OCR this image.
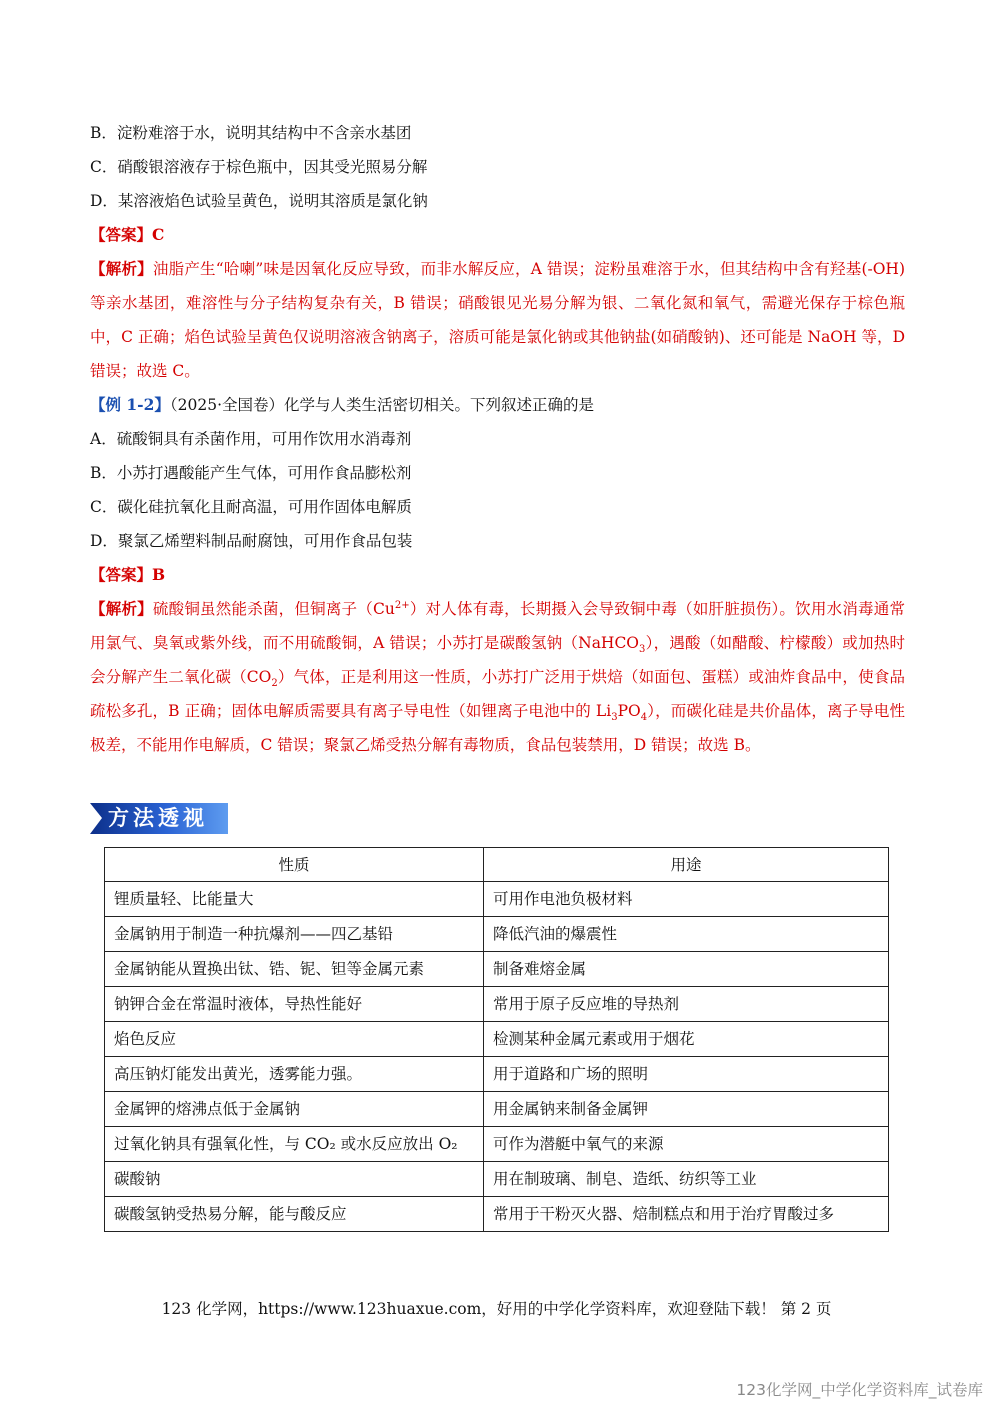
B．淀粉难溶于水，说明其结构中不含亲水基团
C．硝酸银溶液存于棕色瓶中，因其受光照易分解
D．某溶液焰色试验呈黄色，说明其溶质是氯化钠
【答案】C
【解析】油脂产生“哈喇”味是因氧化反应导致，而非水解反应，A 错误；淀粉虽难溶于水，但其结构中含有羟基(-OH)等亲水基团，难溶性与分子结构复杂有关，B 错误；硝酸银见光易分解为银、二氧化氮和氧气，需避光保存于棕色瓶中，C 正确；焰色试验呈黄色仅说明溶液含钠离子，溶质可能是氯化钠或其他钠盐(如硝酸钠)、还可能是 NaOH 等，D 错误；故选 C。
【例 1-2】（2025·全国卷）化学与人类生活密切相关。下列叙述正确的是
A．硫酸铜具有杀菌作用，可用作饮用水消毒剂
B．小苏打遇酸能产生气体，可用作食品膨松剂
C．碳化硅抗氧化且耐高温，可用作固体电解质
D．聚氯乙烯塑料制品耐腐蚀，可用作食品包装
【答案】B
【解析】硫酸铜虽然能杀菌，但铜离子$(Cu^{2+})$对人体有毒，长期摄入会导致铜中毒（如肝脏损伤）。饮用水消毒通常用氯气、臭氧或紫外线，而不用硫酸铜，A 错误；小苏打是碳酸氢钠（NaHCO$_3$），遇酸（如醋酸、柠檬酸）或加热时会分解产生二氧化碳$(CO_2)$气体，正是利用这一性质，小苏打广泛用于烘焙（如面包、蛋糕）或油炸食品中，使食品疏松多孔，B 正确；固体电解质需要具有离子导电性（如锂离子电池中的 $Li_3PO_4$），而碳化硅是共价晶体，离子导电性极差，不能用作电解质，C 错误；聚氯乙烯受热分解有毒物质，食品包装禁用，D 错误；故选 B。
方法透视
性质	用途
锂质量轻、比能量大	可用作电池负极材料
金属钠用于制造一种抗爆剂——四乙基铅	降低汽油的爆震性
金属钠能从置换出钛、锆、铌、钽等金属元素	制备难熔金属
钠钾合金在常温时液体，导热性能好	常用于原子反应堆的导热剂
焰色反应	检测某种金属元素或用于烟花
高压钠灯能发出黄光，透雾能力强。	用于道路和广场的照明
金属钾的熔沸点低于金属钠	用金属钠来制备金属钾
过氧化钠具有强氧化性，与 CO₂ 或水反应放出 O₂	可作为潜艇中氧气的来源
碳酸钠	用在制玻璃、制皂、造纸、纺织等工业
碳酸氢钠受热易分解，能与酸反应	常用于干粉灭火器、焙制糕点和用于治疗胃酸过多
123 化学网，https://www.123huaxue.com，好用的中学化学资料库，欢迎登陆下载！ 第 2 页
123化学网_中学化学资料库_试卷库
